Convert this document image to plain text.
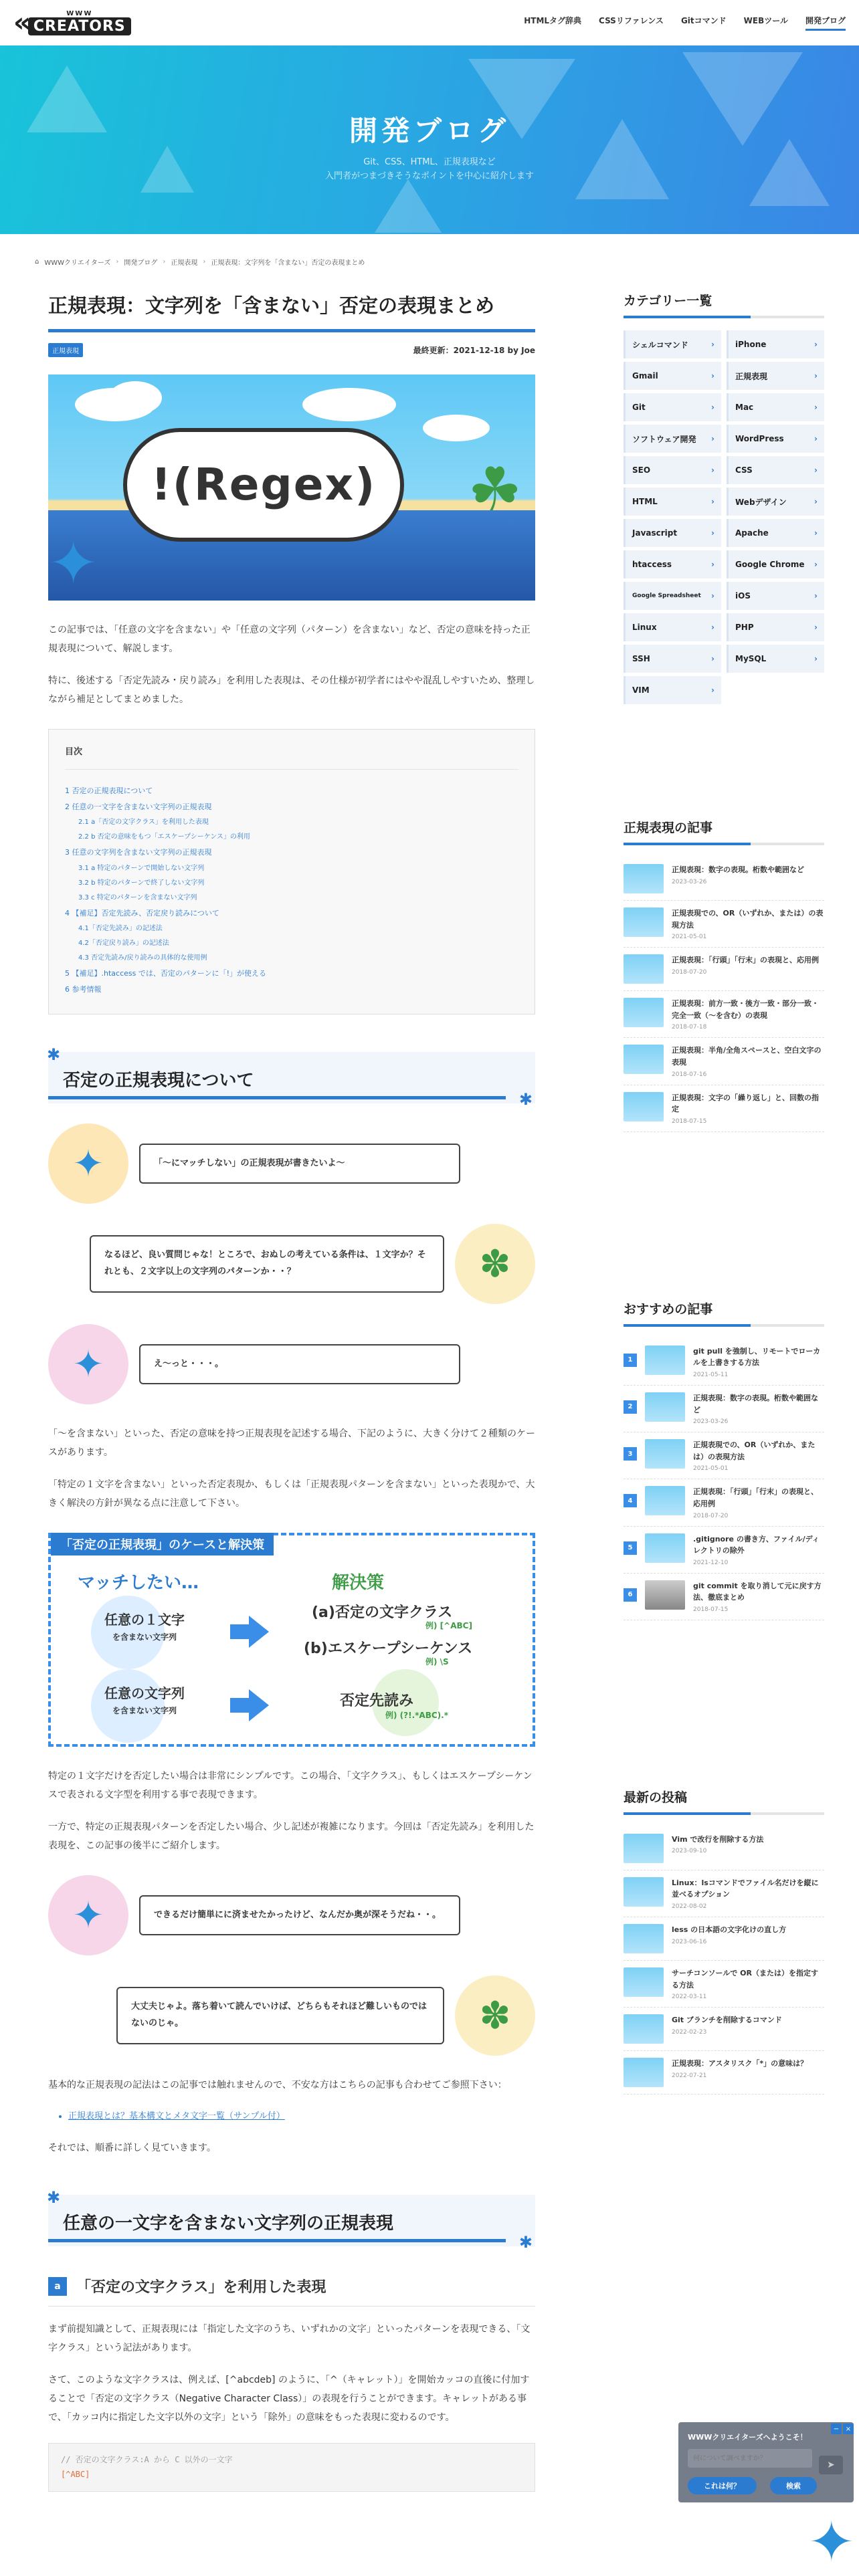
«	WWW
CREATORS	HTMLタグ辞典 CSSリファレンス Gitコマンド WEBツール 開発ブログ
開発ブログ

Git、CSS、HTML、正規表現など
入門者がつまづきそうなポイントを中心に紹介します

⌂ WWWクリエイターズ › 開発ブログ › 正規表現 › 正規表現：文字列を「含まない」否定の表現まとめ
正規表現：文字列を「含まない」否定の表現まとめ
正規表現	最終更新：2021-12-18 by Joe
!(Regex)
✦
☘

この記事では、「任意の文字を含まない」や「任意の文字列（パターン）を含まない」など、否定の意味を持った正規表現について、解説します。

特に、後述する「否定先読み・戻り読み」を利用した表現は、その仕様が初学者にはやや混乱しやすいため、整理しながら補足としてまとめました。

目次
1 否定の正規表現について
2 任意の一文字を含まない文字列の正規表現
2.1 a「否定の文字クラス」を利用した表現
2.2 b 否定の意味をもつ「エスケープシーケンス」の利用
3 任意の文字列を含まない文字列の正規表現
3.1 a 特定のパターンで開始しない文字列
3.2 b 特定のパターンで終了しない文字列
3.3 c 特定のパターンを含まない文字列
4 【補足】否定先読み、否定戻り読みについて
4.1「否定先読み」の記述法
4.2「否定戻り読み」の記述法
4.3 否定先読み/戻り読みの具体的な使用例
5 【補足】.htaccess では、否定のパターンに「!」が使える
6 参考情報
✱
否定の正規表現について
✱
✦	「〜にマッチしない」の正規表現が書きたいよ〜
なるほど、良い質問じゃな！ところで、おぬしの考えている条件は、１文字か？それとも、２文字以上の文字列のパターンか・・？	✽
✦	え〜っと・・・。

「〜を含まない」といった、否定の意味を持つ正規表現を記述する場合、下記のように、大きく分けて２種類のケースがあります。

「特定の１文字を含まない」といった否定表現か、もしくは「正規表現パターンを含まない」といった表現かで、大きく解決の方針が異なる点に注意して下さい。

「否定の正規表現」のケースと解決策
マッチしたい…	解決策
任意の１文字
を含まない文字列
(a)否定の文字クラス
例) [^ABC]
(b)エスケープシーケンス
例) \S
任意の文字列
を含まない文字列
否定先読み
例) (?!.*ABC).*

特定の１文字だけを否定したい場合は非常にシンプルです。この場合、「文字クラス」、もしくはエスケープシーケンスで表される文字型を利用する事で表現できます。

一方で、特定の正規表現パターンを否定したい場合、少し記述が複雑になります。今回は「否定先読み」を利用した表現を、この記事の後半にご紹介します。

✦	できるだけ簡単にに済ませたかったけど、なんだか奥が深そうだね・・。
大丈夫じゃよ。落ち着いて読んでいけば、どちらもそれほど難しいものではないのじゃ。	✽

基本的な正規表現の記法はこの記事では触れませんので、不安な方はこちらの記事も合わせてご参照下さい：

• 正規表現とは？基本構文とメタ文字一覧（サンプル付）

それでは、順番に詳しく見ていきます。

✱
任意の一文字を含まない文字列の正規表現
✱
a	「否定の文字クラス」を利用した表現

まず前提知識として、正規表現には「指定した文字のうち、いずれかの文字」といったパターンを表現できる、「文字クラス」という記法があります。

さて、このような文字クラスは、例えば、[^abcdeb] のように、「^（キャレット）」を開始カッコの直後に付加することで「否定の文字クラス（Negative Character Class）」の表現を行うことができます。キャレットがある事で、「カッコ内に指定した文字以外の文字」という「除外」の意味をもった表現に変わるのです。

// 否定の文字クラス:A から C 以外の一文字
[^ABC]
カテゴリー一覧
シェルコマンド	›	iPhone	›
Gmail	›	正規表現	›
Git	›	Mac	›
ソフトウェア開発 ›	WordPress	›
SEO	›	CSS	›
HTML	›	Webデザイン	›
Javascript	›	Apache	›
htaccess	›	Google Chrome ›
Google Spreadsheet ›	iOS	›
Linux	›	PHP	›
SSH	›	MySQL	›
VIM	›
正規表現の記事
正規表現：数字の表現。桁数や範囲など
2023-03-26
正規表現での、OR（いずれか、または）の表現方法
2021-05-01
正規表現：「行頭」「行末」の表現と、応用例
2018-07-20
正規表現：前方一致・後方一致・部分一致・完全一致（〜を含む）の表現
2018-07-18
正規表現：半角/全角スペースと、空白文字の表現
2018-07-16
正規表現：文字の「繰り返し」と、回数の指定
2018-07-15
おすすめの記事
1
git pull を強制し、リモートでローカルを上書きする方法
2021-05-11
2
正規表現：数字の表現。桁数や範囲など
2023-03-26
3
正規表現での、OR（いずれか、または）の表現方法
2021-05-01
4
正規表現：「行頭」「行末」の表現と、応用例
2018-07-20
5
.gitignore の書き方、ファイル/ディレクトリの除外
2021-12-10
6
git commit を取り消して元に戻す方法、徹底まとめ
2018-07-15
最新の投稿
Vim で改行を削除する方法
2023-09-10
Linux：lsコマンドでファイル名だけを縦に並べるオプション
2022-08-02
less の日本語の文字化けの直し方
2023-06-16
サーチコンソールで OR（または）を指定する方法
2022-03-11
Git ブランチを削除するコマンド
2022-02-23
正規表現：アスタリスク「*」の意味は？
2022-07-21
WWWクリエイターズへようこそ！
何について調べますか？
➤
これは何？	検索
− ×
✦
